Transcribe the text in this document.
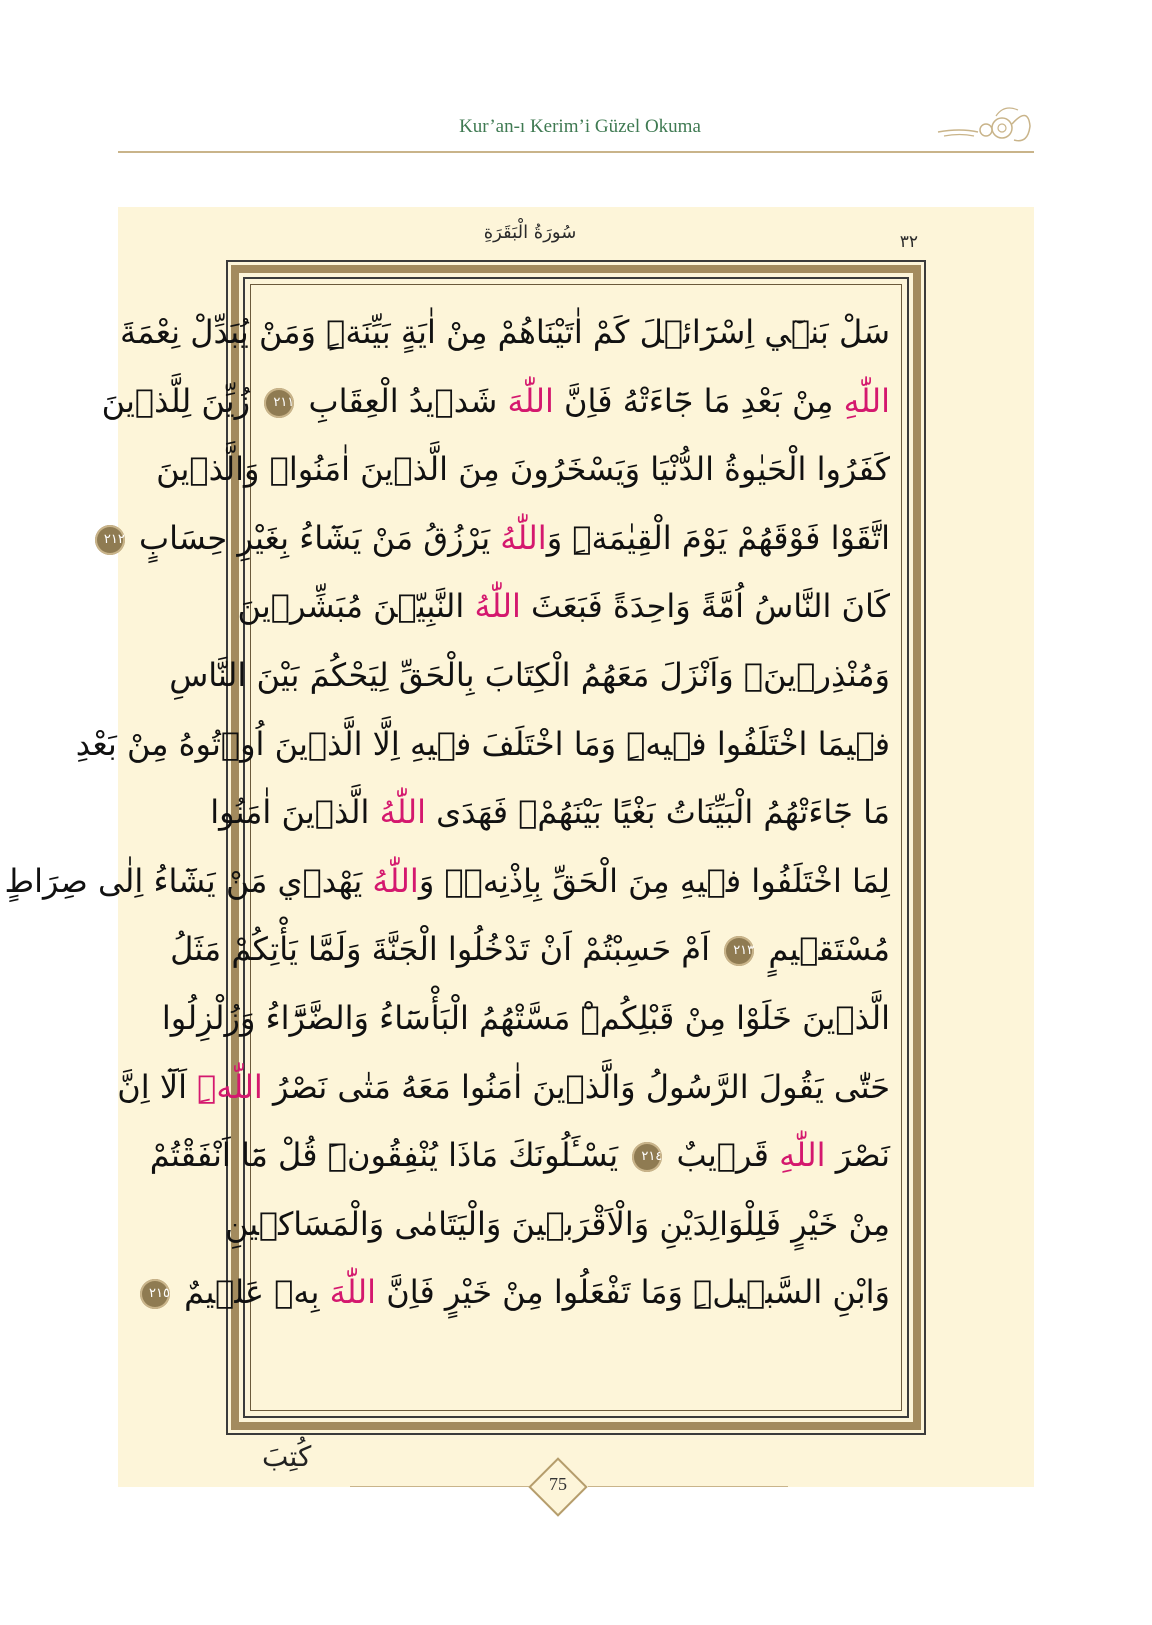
Kur’an-ı Kerim’i Güzel Okuma
سُورَةُ الْبَقَرَةِ	٣٢
سَلْ بَن۪ٓي اِسْرَٓائ۪لَ كَمْ اٰتَيْنَاهُمْ مِنْ اٰيَةٍ بَيِّنَةٍۜ وَمَنْ يُبَدِّلْ نِعْمَةَ
اللّٰهِ مِنْ بَعْدِ مَا جَٓاءَتْهُ فَاِنَّ اللّٰهَ شَد۪يدُ الْعِقَابِ ٢١١ زُيِّنَ لِلَّذ۪ينَ
كَفَرُوا الْحَيٰوةُ الدُّنْيَا وَيَسْخَرُونَ مِنَ الَّذ۪ينَ اٰمَنُواۢ وَالَّذ۪ينَ
اتَّقَوْا فَوْقَهُمْ يَوْمَ الْقِيٰمَةِۜ وَاللّٰهُ يَرْزُقُ مَنْ يَشَٓاءُ بِغَيْرِ حِسَابٍ ٢١٢
كَانَ النَّاسُ اُمَّةً وَاحِدَةً فَبَعَثَ اللّٰهُ النَّبِيّ۪نَ مُبَشِّر۪ينَ
وَمُنْذِر۪ينَۖ وَاَنْزَلَ مَعَهُمُ الْكِتَابَ بِالْحَقِّ لِيَحْكُمَ بَيْنَ النَّاسِ
ف۪يمَا اخْتَلَفُوا ف۪يهِۜ وَمَا اخْتَلَفَ ف۪يهِ اِلَّا الَّذ۪ينَ اُو۫تُوهُ مِنْ بَعْدِ
مَا جَٓاءَتْهُمُ الْبَيِّنَاتُ بَغْيًا بَيْنَهُمْۚ فَهَدَى اللّٰهُ الَّذ۪ينَ اٰمَنُوا
لِمَا اخْتَلَفُوا ف۪يهِ مِنَ الْحَقِّ بِاِذْنِه۪ۜ وَاللّٰهُ يَهْد۪ي مَنْ يَشَٓاءُ اِلٰى صِرَاطٍ
مُسْتَق۪يمٍ ٢١٣ اَمْ حَسِبْتُمْ اَنْ تَدْخُلُوا الْجَنَّةَ وَلَمَّا يَأْتِكُمْ مَثَلُ
الَّذ۪ينَ خَلَوْا مِنْ قَبْلِكُمْۜ مَسَّتْهُمُ الْبَأْسَٓاءُ وَالضَّرَّٓاءُ وَزُلْزِلُوا
حَتّٰى يَقُولَ الرَّسُولُ وَالَّذ۪ينَ اٰمَنُوا مَعَهُ مَتٰى نَصْرُ اللّٰهِۜ اَلَٓا اِنَّ
نَصْرَ اللّٰهِ قَر۪يبٌ ٢١٤ يَسْـَٔلُونَكَ مَاذَا يُنْفِقُونَۜ قُلْ مَٓا اَنْفَقْتُمْ
مِنْ خَيْرٍ فَلِلْوَالِدَيْنِ وَالْاَقْرَب۪ينَ وَالْيَتَامٰى وَالْمَسَاك۪ينِ
وَابْنِ السَّب۪يلِۜ وَمَا تَفْعَلُوا مِنْ خَيْرٍ فَاِنَّ اللّٰهَ بِه۪ عَل۪يمٌ ٢١٥
كُتِبَ
75
